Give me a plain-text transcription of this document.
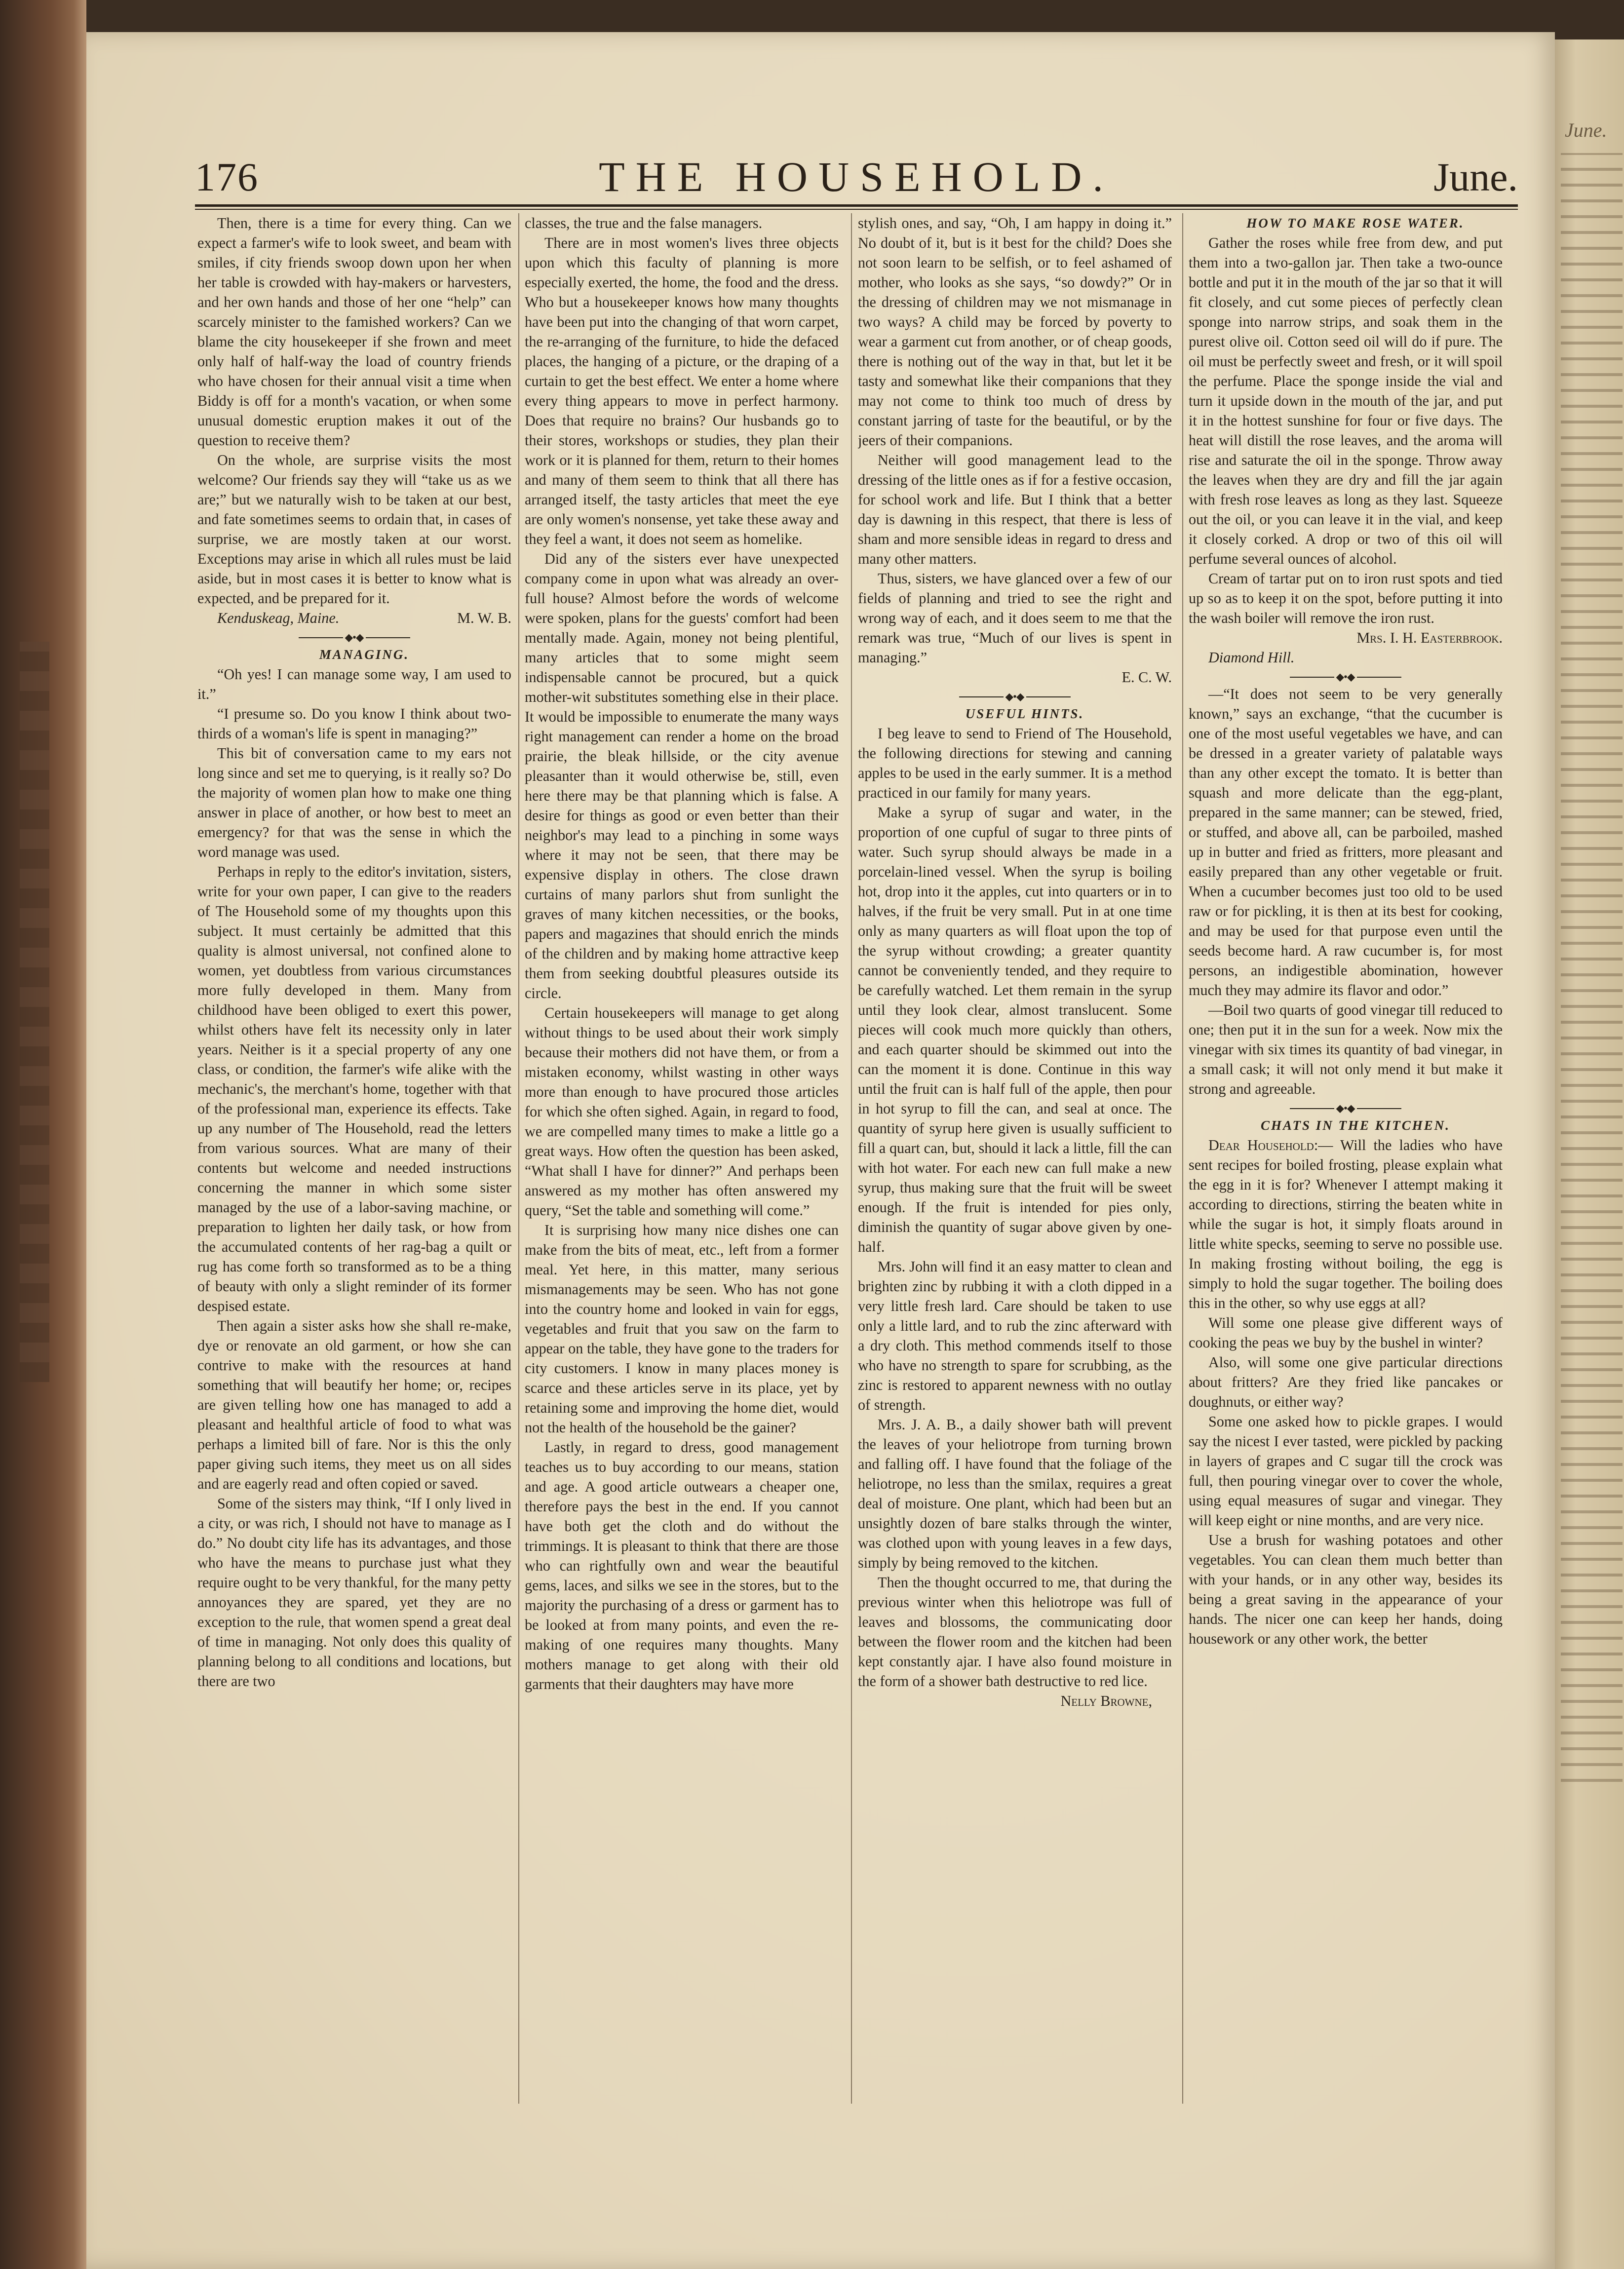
June.
176	THE HOUSEHOLD.	June.

Then, there is a time for every thing. Can we expect a farmer's wife to look sweet, and beam with smiles, if city friends swoop down upon her when her table is crowded with hay-makers or harvesters, and her own hands and those of her one “help” can scarcely minister to the famished workers? Can we blame the city housekeeper if she frown and meet only half of half-way the load of country friends who have chosen for their annual visit a time when Biddy is off for a month's vacation, or when some unusual domestic eruption makes it out of the question to receive them?

On the whole, are surprise visits the most welcome? Our friends say they will “take us as we are;” but we naturally wish to be taken at our best, and fate sometimes seems to ordain that, in cases of surprise, we are mostly taken at our worst. Exceptions may arise in which all rules must be laid aside, but in most cases it is better to know what is expected, and be prepared for it.

Kenduskeag, Maine.	M. W. B.

◆•◆

MANAGING.

“Oh yes! I can manage some way, I am used to it.”

“I presume so. Do you know I think about two-thirds of a woman's life is spent in managing?”

This bit of conversation came to my ears not long since and set me to querying, is it really so? Do the majority of women plan how to make one thing answer in place of another, or how best to meet an emergency? for that was the sense in which the word manage was used.

Perhaps in reply to the editor's invitation, sisters, write for your own paper, I can give to the readers of The Household some of my thoughts upon this subject. It must certainly be admitted that this quality is almost universal, not confined alone to women, yet doubtless from various circumstances more fully developed in them. Many from childhood have been obliged to exert this power, whilst others have felt its necessity only in later years. Neither is it a special property of any one class, or condition, the farmer's wife alike with the mechanic's, the merchant's home, together with that of the professional man, experience its effects. Take up any number of The Household, read the letters from various sources. What are many of their contents but welcome and needed instructions concerning the manner in which some sister managed by the use of a labor-saving machine, or preparation to lighten her daily task, or how from the accumulated contents of her rag-bag a quilt or rug has come forth so transformed as to be a thing of beauty with only a slight reminder of its former despised estate.

Then again a sister asks how she shall re-make, dye or renovate an old garment, or how she can contrive to make with the resources at hand something that will beautify her home; or, recipes are given telling how one has managed to add a pleasant and healthful article of food to what was perhaps a limited bill of fare. Nor is this the only paper giving such items, they meet us on all sides and are eagerly read and often copied or saved.

Some of the sisters may think, “If I only lived in a city, or was rich, I should not have to manage as I do.” No doubt city life has its advantages, and those who have the means to purchase just what they require ought to be very thankful, for the many petty annoyances they are spared, yet they are no exception to the rule, that women spend a great deal of time in managing. Not only does this quality of planning belong to all conditions and locations, but there are two

classes, the true and the false managers.

There are in most women's lives three objects upon which this faculty of planning is more especially exerted, the home, the food and the dress. Who but a housekeeper knows how many thoughts have been put into the changing of that worn carpet, the re-arranging of the furniture, to hide the defaced places, the hanging of a picture, or the draping of a curtain to get the best effect. We enter a home where every thing appears to move in perfect harmony. Does that require no brains? Our husbands go to their stores, workshops or studies, they plan their work or it is planned for them, return to their homes and many of them seem to think that all there has arranged itself, the tasty articles that meet the eye are only women's nonsense, yet take these away and they feel a want, it does not seem as homelike.

Did any of the sisters ever have unexpected company come in upon what was already an over-full house? Almost before the words of welcome were spoken, plans for the guests' comfort had been mentally made. Again, money not being plentiful, many articles that to some might seem indispensable cannot be procured, but a quick mother-wit substitutes something else in their place. It would be impossible to enumerate the many ways right management can render a home on the broad prairie, the bleak hillside, or the city avenue pleasanter than it would otherwise be, still, even here there may be that planning which is false. A desire for things as good or even better than their neighbor's may lead to a pinching in some ways where it may not be seen, that there may be expensive display in others. The close drawn curtains of many parlors shut from sunlight the graves of many kitchen necessities, or the books, papers and magazines that should enrich the minds of the children and by making home attractive keep them from seeking doubtful pleasures outside its circle.

Certain housekeepers will manage to get along without things to be used about their work simply because their mothers did not have them, or from a mistaken economy, whilst wasting in other ways more than enough to have procured those articles for which she often sighed. Again, in regard to food, we are compelled many times to make a little go a great ways. How often the question has been asked, “What shall I have for dinner?” And perhaps been answered as my mother has often answered my query, “Set the table and something will come.”

It is surprising how many nice dishes one can make from the bits of meat, etc., left from a former meal. Yet here, in this matter, many serious mismanagements may be seen. Who has not gone into the country home and looked in vain for eggs, vegetables and fruit that you saw on the farm to appear on the table, they have gone to the traders for city customers. I know in many places money is scarce and these articles serve in its place, yet by retaining some and improving the home diet, would not the health of the household be the gainer?

Lastly, in regard to dress, good management teaches us to buy according to our means, station and age. A good article outwears a cheaper one, therefore pays the best in the end. If you cannot have both get the cloth and do without the trimmings. It is pleasant to think that there are those who can rightfully own and wear the beautiful gems, laces, and silks we see in the stores, but to the majority the purchasing of a dress or garment has to be looked at from many points, and even the re-making of one requires many thoughts. Many mothers manage to get along with their old garments that their daughters may have more

stylish ones, and say, “Oh, I am happy in doing it.” No doubt of it, but is it best for the child? Does she not soon learn to be selfish, or to feel ashamed of mother, who looks as she says, “so dowdy?” Or in the dressing of children may we not mismanage in two ways? A child may be forced by poverty to wear a garment cut from another, or of cheap goods, there is nothing out of the way in that, but let it be tasty and somewhat like their companions that they may not come to think too much of dress by constant jarring of taste for the beautiful, or by the jeers of their companions.

Neither will good management lead to the dressing of the little ones as if for a festive occasion, for school work and life. But I think that a better day is dawning in this respect, that there is less of sham and more sensible ideas in regard to dress and many other matters.

Thus, sisters, we have glanced over a few of our fields of planning and tried to see the right and wrong way of each, and it does seem to me that the remark was true, “Much of our lives is spent in managing.”

E. C. W.

◆•◆

USEFUL HINTS.

I beg leave to send to Friend of The Household, the following directions for stewing and canning apples to be used in the early summer. It is a method practiced in our family for many years.

Make a syrup of sugar and water, in the proportion of one cupful of sugar to three pints of water. Such syrup should always be made in a porcelain-lined vessel. When the syrup is boiling hot, drop into it the apples, cut into quarters or in to halves, if the fruit be very small. Put in at one time only as many quarters as will float upon the top of the syrup without crowding; a greater quantity cannot be conveniently tended, and they require to be carefully watched. Let them remain in the syrup until they look clear, almost translucent. Some pieces will cook much more quickly than others, and each quarter should be skimmed out into the can the moment it is done. Continue in this way until the fruit can is half full of the apple, then pour in hot syrup to fill the can, and seal at once. The quantity of syrup here given is usually sufficient to fill a quart can, but, should it lack a little, fill the can with hot water. For each new can full make a new syrup, thus making sure that the fruit will be sweet enough. If the fruit is intended for pies only, diminish the quantity of sugar above given by one-half.

Mrs. John will find it an easy matter to clean and brighten zinc by rubbing it with a cloth dipped in a very little fresh lard. Care should be taken to use only a little lard, and to rub the zinc afterward with a dry cloth. This method commends itself to those who have no strength to spare for scrubbing, as the zinc is restored to apparent newness with no outlay of strength.

Mrs. J. A. B., a daily shower bath will prevent the leaves of your heliotrope from turning brown and falling off. I have found that the foliage of the heliotrope, no less than the smilax, requires a great deal of moisture. One plant, which had been but an unsightly dozen of bare stalks through the winter, was clothed upon with young leaves in a few days, simply by being removed to the kitchen.

Then the thought occurred to me, that during the previous winter when this heliotrope was full of leaves and blossoms, the communicating door between the flower room and the kitchen had been kept constantly ajar. I have also found moisture in the form of a shower bath destructive to red lice.

Nelly Browne,

HOW TO MAKE ROSE WATER.

Gather the roses while free from dew, and put them into a two-gallon jar. Then take a two-ounce bottle and put it in the mouth of the jar so that it will fit closely, and cut some pieces of perfectly clean sponge into narrow strips, and soak them in the purest olive oil. Cotton seed oil will do if pure. The oil must be perfectly sweet and fresh, or it will spoil the perfume. Place the sponge inside the vial and turn it upside down in the mouth of the jar, and put it in the hottest sunshine for four or five days. The heat will distill the rose leaves, and the aroma will rise and saturate the oil in the sponge. Throw away the leaves when they are dry and fill the jar again with fresh rose leaves as long as they last. Squeeze out the oil, or you can leave it in the vial, and keep it closely corked. A drop or two of this oil will perfume several ounces of alcohol.

Cream of tartar put on to iron rust spots and tied up so as to keep it on the spot, before putting it into the wash boiler will remove the iron rust.

Mrs. I. H. Easterbrook.

Diamond Hill.

◆•◆

—“It does not seem to be very generally known,” says an exchange, “that the cucumber is one of the most useful vegetables we have, and can be dressed in a greater variety of palatable ways than any other except the tomato. It is better than squash and more delicate than the egg-plant, prepared in the same manner; can be stewed, fried, or stuffed, and above all, can be parboiled, mashed up in butter and fried as fritters, more pleasant and easily prepared than any other vegetable or fruit. When a cucumber becomes just too old to be used raw or for pickling, it is then at its best for cooking, and may be used for that purpose even until the seeds become hard. A raw cucumber is, for most persons, an indigestible abomination, however much they may admire its flavor and odor.”

—Boil two quarts of good vinegar till reduced to one; then put it in the sun for a week. Now mix the vinegar with six times its quantity of bad vinegar, in a small cask; it will not only mend it but make it strong and agreeable.

◆•◆

CHATS IN THE KITCHEN.

Dear Household:— Will the ladies who have sent recipes for boiled frosting, please explain what the egg in it is for? Whenever I attempt making it according to directions, stirring the beaten white in while the sugar is hot, it simply floats around in little white specks, seeming to serve no possible use. In making frosting without boiling, the egg is simply to hold the sugar together. The boiling does this in the other, so why use eggs at all?

Will some one please give different ways of cooking the peas we buy by the bushel in winter?

Also, will some one give particular directions about fritters? Are they fried like pancakes or doughnuts, or either way?

Some one asked how to pickle grapes. I would say the nicest I ever tasted, were pickled by packing in layers of grapes and C sugar till the crock was full, then pouring vinegar over to cover the whole, using equal measures of sugar and vinegar. They will keep eight or nine months, and are very nice.

Use a brush for washing potatoes and other vegetables. You can clean them much better than with your hands, or in any other way, besides its being a great saving in the appearance of your hands. The nicer one can keep her hands, doing housework or any other work, the better
